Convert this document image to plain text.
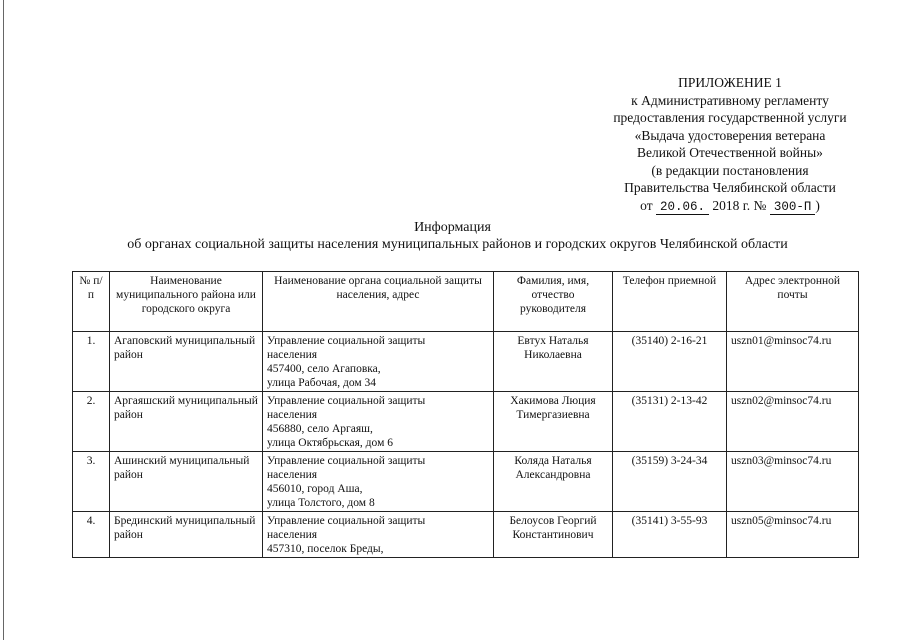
ПРИЛОЖЕНИЕ 1
к Административному регламенту
предоставления государственной услуги
«Выдача удостоверения ветерана
Великой Отечественной войны»
(в редакции постановления
Правительства Челябинской области
от 20.06. 2018 г. № 300-П )
Информация
об органах социальной защиты населения муниципальных районов и городских округов Челябинской области
№ п/п	Наименование муниципального района или городского округа	Наименование органа социальной защиты населения, адрес	Фамилия, имя, отчество руководителя	Телефон приемной	Адрес электронной почты
1.	Агаповский муниципальный район	Управление социальной защиты
населения
457400, село Агаповка,
улица Рабочая, дом 34	Евтух Наталья Николаевна	(35140) 2-16-21	uszn01@minsoc74.ru
2.	Аргаяшский муниципальный район	Управление социальной защиты
населения
456880, село Аргаяш,
улица Октябрьская, дом 6	Хакимова Люция Тимергазиевна	(35131) 2-13-42	uszn02@minsoc74.ru
3.	Ашинский муниципальный район	Управление социальной защиты
населения
456010, город Аша,
улица Толстого, дом 8	Коляда Наталья Александровна	(35159) 3-24-34	uszn03@minsoc74.ru
4.	Брединский муниципальный район	Управление социальной защиты
населения
457310, поселок Бреды,	Белоусов Георгий Константинович	(35141) 3-55-93	uszn05@minsoc74.ru
